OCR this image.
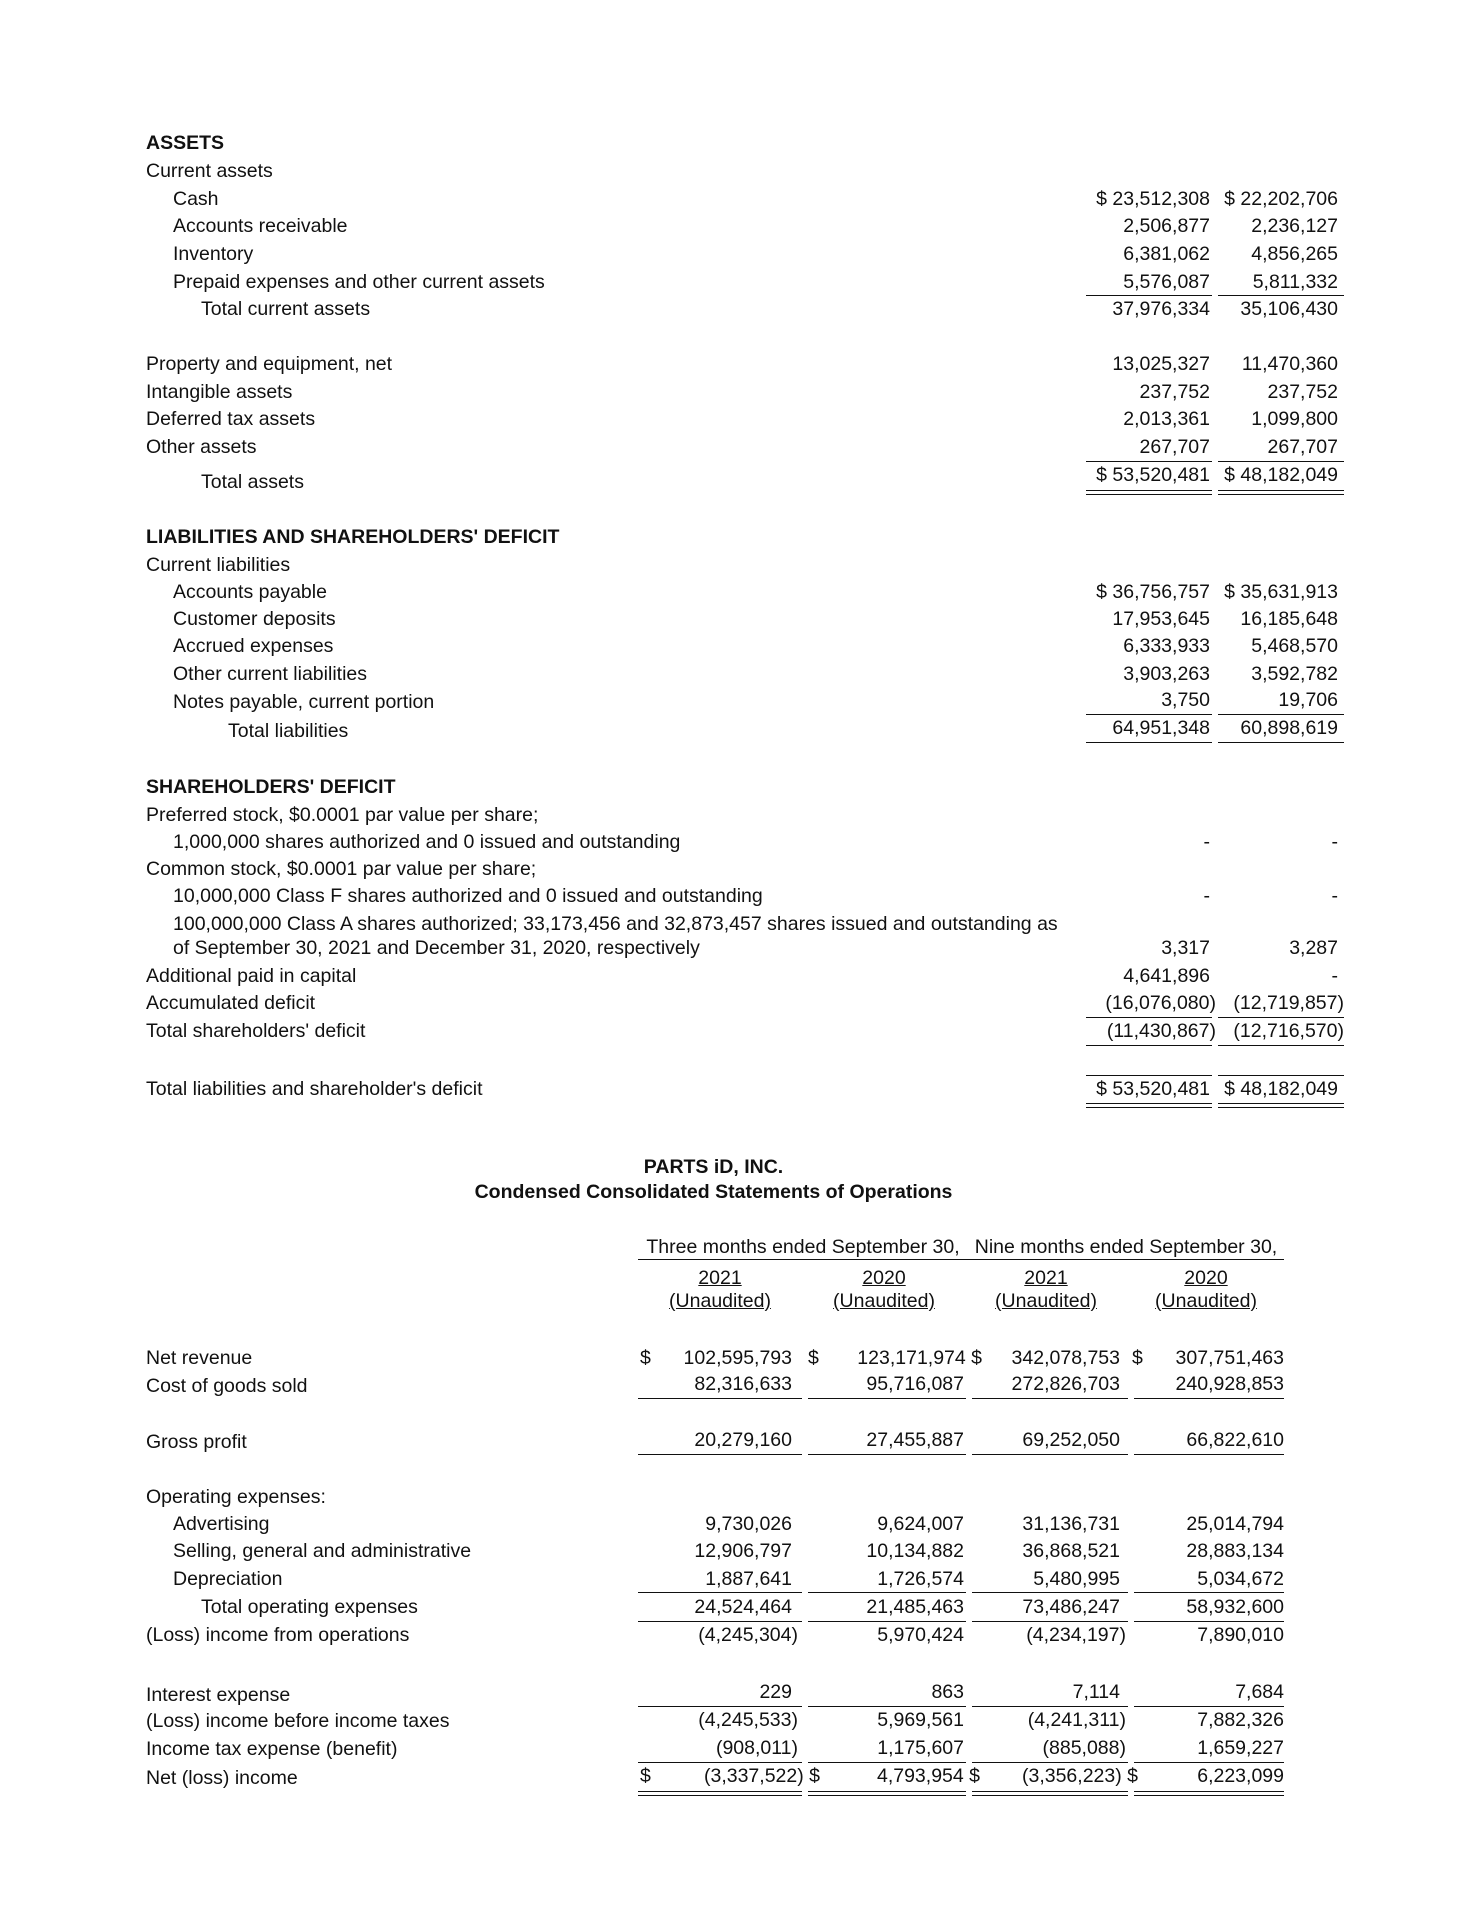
ASSETS
Current assets
Cash	$ 23,512,308 $ 22,202,706
Accounts receivable	2,506,877 2,236,127
Inventory	6,381,062 4,856,265
Prepaid expenses and other current assets	5,576,087 5,811,332
Total current assets	37,976,334 35,106,430
Property and equipment, net	13,025,327 11,470,360
Intangible assets	237,752	237,752
Deferred tax assets	2,013,361 1,099,800
Other assets	267,707	267,707
Total assets	$ 53,520,481 $ 48,182,049
LIABILITIES AND SHAREHOLDERS' DEFICIT
Current liabilities
Accounts payable	$ 36,756,757 $ 35,631,913
Customer deposits	17,953,645 16,185,648
Accrued expenses	6,333,933 5,468,570
Other current liabilities	3,903,263 3,592,782
Notes payable, current portion	3,750	19,706
Total liabilities	64,951,348 60,898,619
SHAREHOLDERS' DEFICIT
Preferred stock, $0.0001 par value per share;
1,000,000 shares authorized and 0 issued and outstanding	-	-
Common stock, $0.0001 par value per share;
10,000,000 Class F shares authorized and 0 issued and outstanding	-	-
100,000,000 Class A shares authorized; 33,173,456 and 32,873,457 shares issued and outstanding as
of September 30, 2021 and December 31, 2020, respectively	3,317	3,287
Additional paid in capital	4,641,896	-
Accumulated deficit	(16,076,080) (12,719,857)
Total shareholders' deficit	(11,430,867) (12,716,570)
Total liabilities and shareholder's deficit	$ 53,520,481 $ 48,182,049
PARTS iD, INC.
Condensed Consolidated Statements of Operations
Three months ended September 30, Nine months ended September 30,
2021	2020	2021	2020
(Unaudited)	(Unaudited)	(Unaudited)	(Unaudited)
Net revenue	$ 102,595,793 $ 123,171,974 $ 342,078,753 $ 307,751,463
Cost of goods sold	82,316,633	95,716,087 272,826,703	240,928,853
Gross profit	20,279,160	27,455,887	69,252,050	66,822,610
Operating expenses:
Advertising	9,730,026	9,624,007	31,136,731	25,014,794
Selling, general and administrative	12,906,797	10,134,882	36,868,521	28,883,134
Depreciation	1,887,641	1,726,574	5,480,995	5,034,672
Total operating expenses	24,524,464	21,485,463	73,486,247	58,932,600
(Loss) income from operations	(4,245,304)	5,970,424	(4,234,197)	7,890,010
Interest expense	229	863	7,114	7,684
(Loss) income before income taxes	(4,245,533)	5,969,561	(4,241,311)	7,882,326
Income tax expense (benefit)	(908,011)	1,175,607	(885,088)	1,659,227
Net (loss) income	$	(3,337,522) $	4,793,954 $ (3,356,223) $	6,223,099
